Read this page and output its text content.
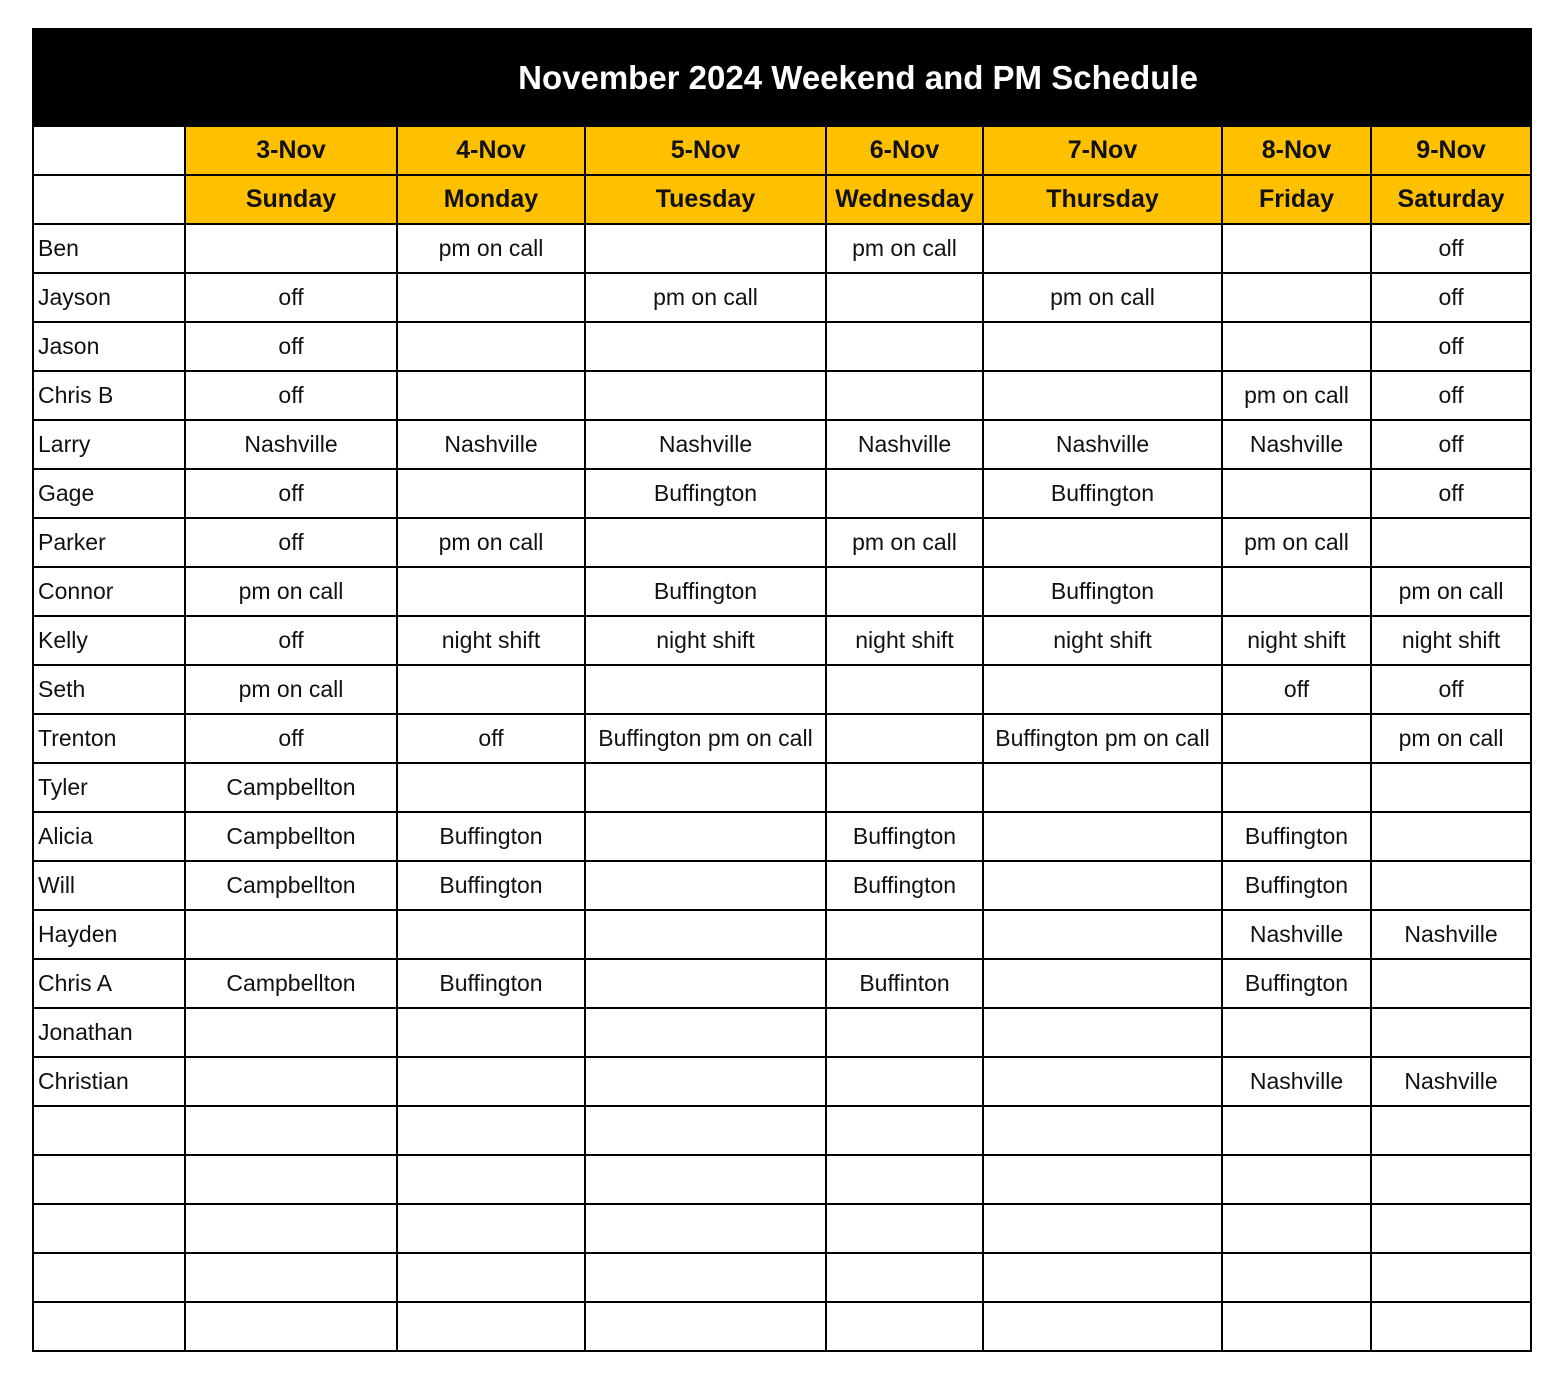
	November 2024 Weekend and PM Schedule						
	3-Nov	4-Nov	5-Nov	6-Nov	7-Nov	8-Nov	9-Nov
	Sunday	Monday	Tuesday	Wednesday	Thursday	Friday	Saturday
Ben		pm on call		pm on call			off
Jayson	off		pm on call		pm on call		off
Jason	off						off
Chris B	off					pm on call	off
Larry	Nashville	Nashville	Nashville	Nashville	Nashville	Nashville	off
Gage	off		Buffington		Buffington		off
Parker	off	pm on call		pm on call		pm on call	
Connor	pm on call		Buffington		Buffington		pm on call
Kelly	off	night shift	night shift	night shift	night shift	night shift	night shift
Seth	pm on call					off	off
Trenton	off	off	Buffington pm on call		Buffington pm on call		pm on call
Tyler	Campbellton						
Alicia	Campbellton	Buffington		Buffington		Buffington	
Will	Campbellton	Buffington		Buffington		Buffington	
Hayden						Nashville	Nashville
Chris A	Campbellton	Buffington		Buffinton		Buffington	
Jonathan							
Christian						Nashville	Nashville
